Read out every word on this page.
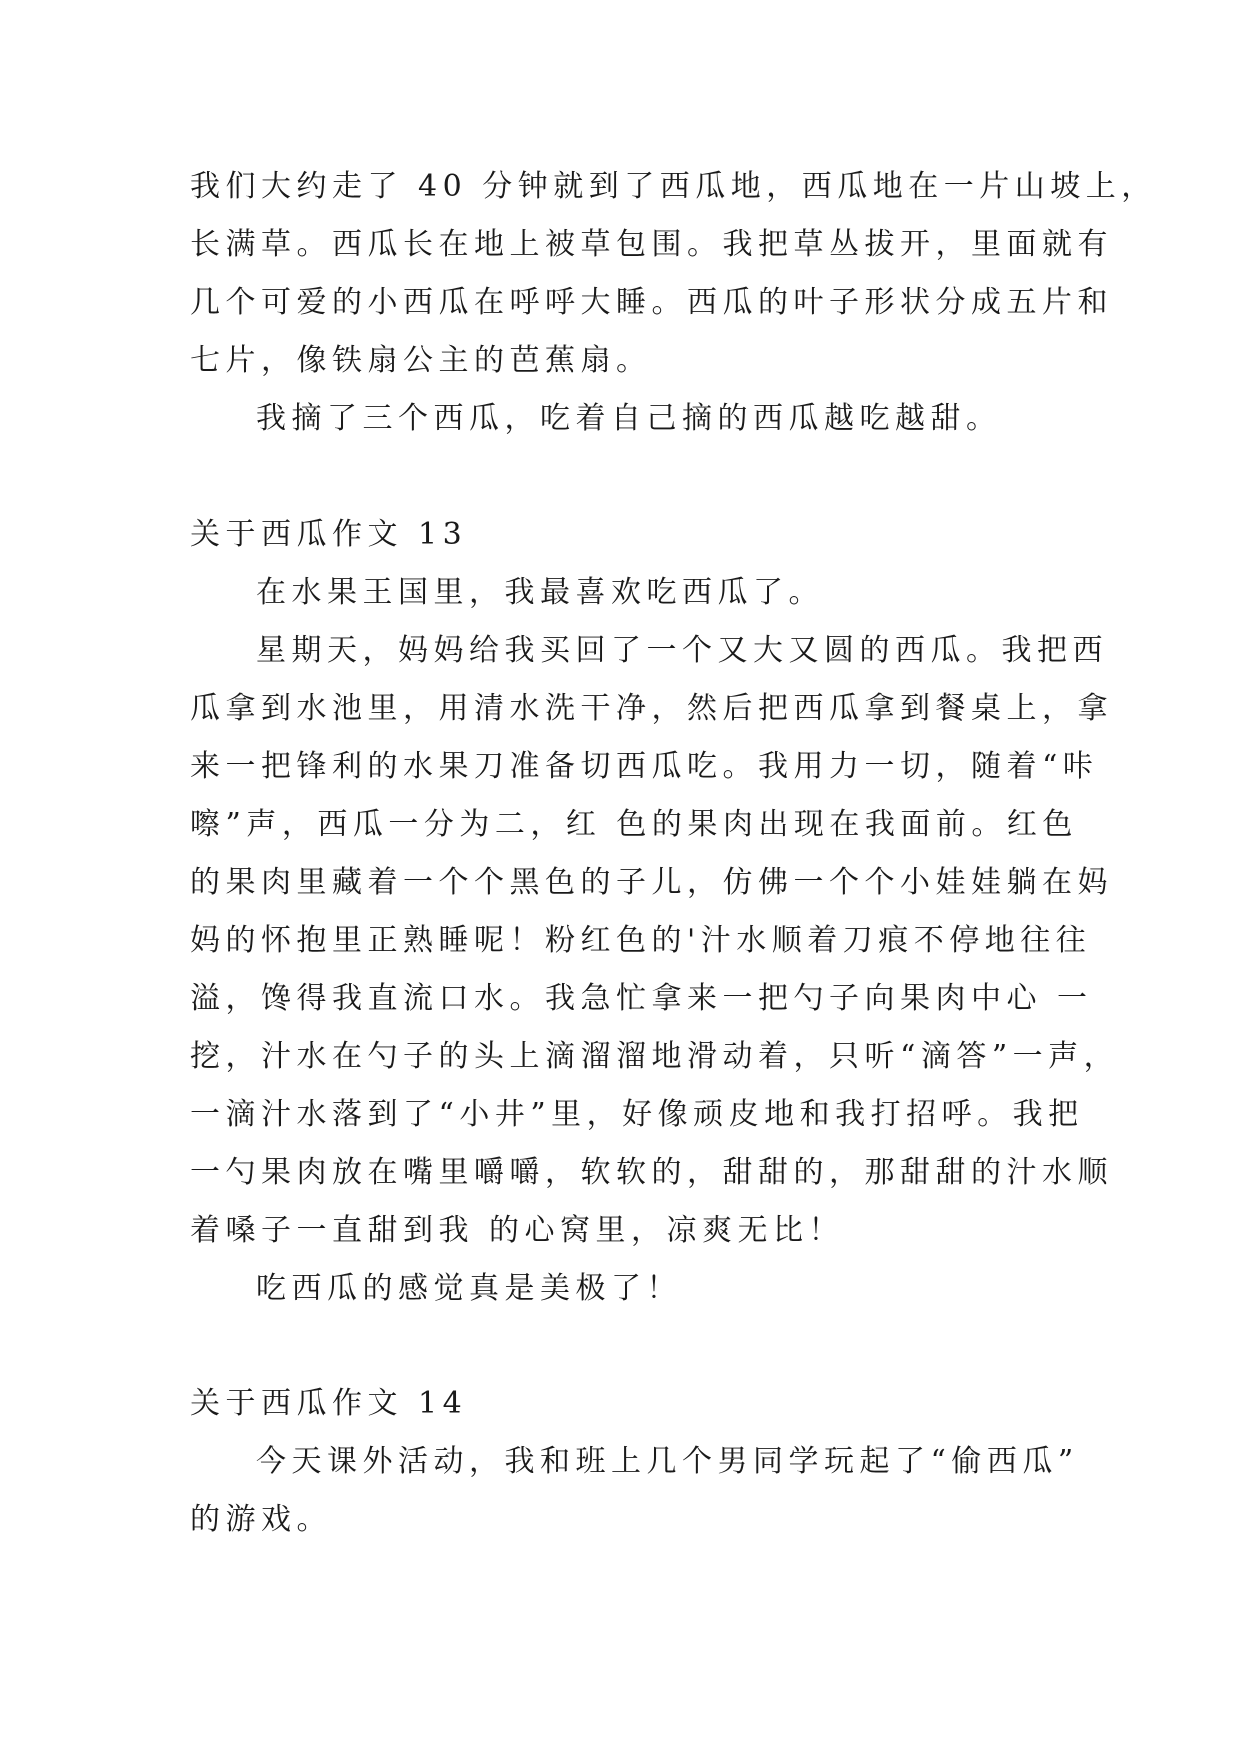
我们大约走了 40 分钟就到了西瓜地，西瓜地在一片山坡上，
长满草。西瓜长在地上被草包围。我把草丛拔开，里面就有
几个可爱的小西瓜在呼呼大睡。西瓜的叶子形状分成五片和
七片，像铁扇公主的芭蕉扇。
我摘了三个西瓜，吃着自己摘的西瓜越吃越甜。
关于西瓜作文 13
在水果王国里，我最喜欢吃西瓜了。
星期天，妈妈给我买回了一个又大又圆的西瓜。我把西
瓜拿到水池里，用清水洗干净，然后把西瓜拿到餐桌上，拿
来一把锋利的水果刀准备切西瓜吃。我用力一切，随着“咔
嚓”声，西瓜一分为二，红 色的果肉出现在我面前。红色
的果肉里藏着一个个黑色的子儿，仿佛一个个小娃娃躺在妈
妈的怀抱里正熟睡呢！粉红色的'汁水顺着刀痕不停地往往
溢，馋得我直流口水。我急忙拿来一把勺子向果肉中心 一
挖，汁水在勺子的头上滴溜溜地滑动着，只听“滴答”一声，
一滴汁水落到了“小井”里，好像顽皮地和我打招呼。我把
一勺果肉放在嘴里嚼嚼，软软的，甜甜的，那甜甜的汁水顺
着嗓子一直甜到我 的心窝里，凉爽无比！
吃西瓜的感觉真是美极了！
关于西瓜作文 14
今天课外活动，我和班上几个男同学玩起了“偷西瓜”
的游戏。
